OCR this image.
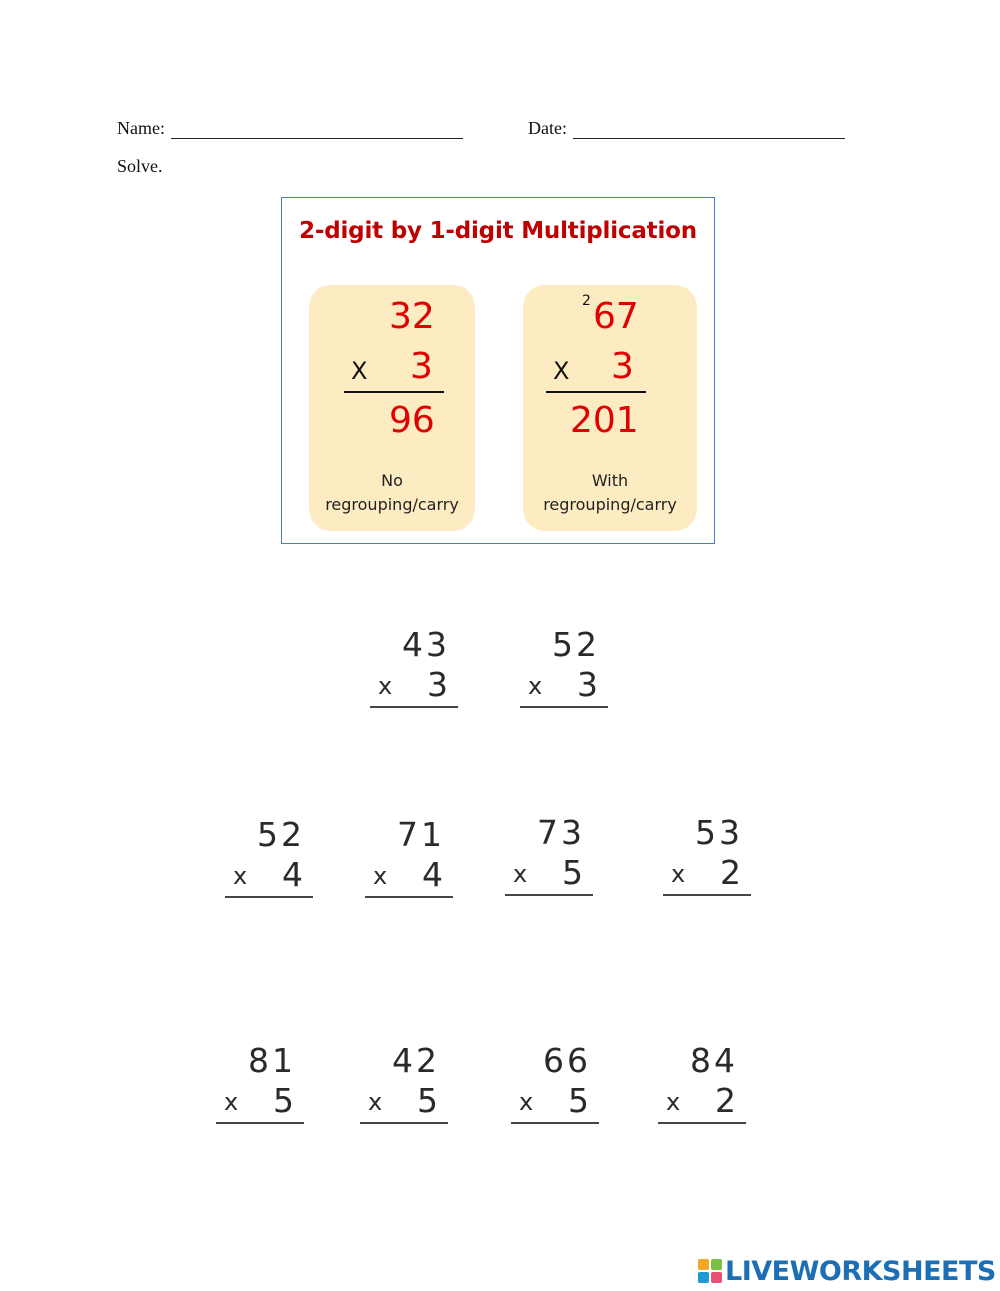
Name:	Date:
Solve.
2-digit by 1-digit Multiplication
32
X 3
96
No
regrouping/carry
2 67
X 3
201
With
regrouping/carry
43
x 3
52
x 3
52
x 4
71
x 4
73
x 5
53
x 2
81
x 5
42
x 5
66
x 5
84
x 2
LIVEWORKSHEETS
